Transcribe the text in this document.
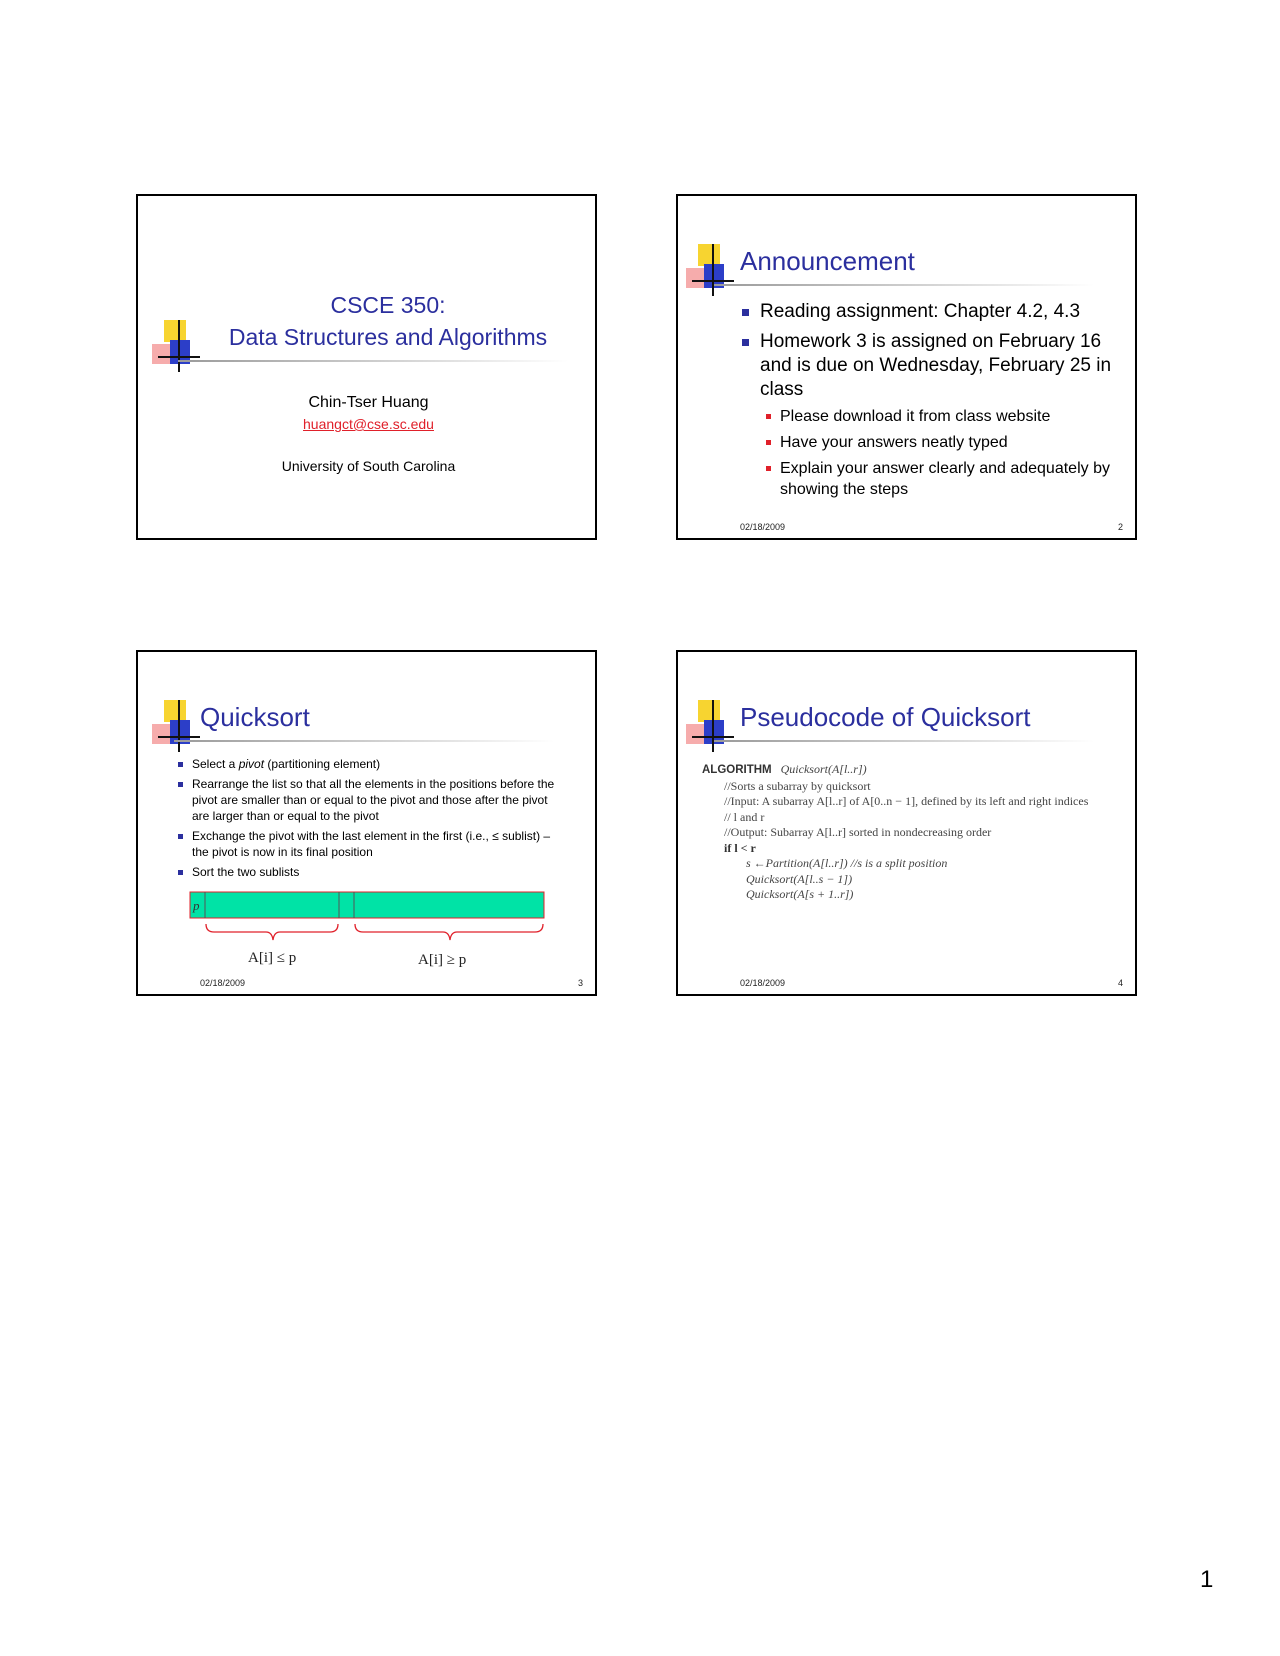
CSCE 350:
Data Structures and Algorithms
Chin-Tser Huang
huangct@cse.sc.edu
University of South Carolina
Announcement
Reading assignment: Chapter 4.2, 4.3
Homework 3 is assigned on February 16 and is due on Wednesday, February 25 in class
Please download it from class website
Have your answers neatly typed
Explain your answer clearly and adequately by showing the steps
02/18/2009	2
Quicksort
Select a pivot (partitioning element)
Rearrange the list so that all the elements in the positions before the pivot are smaller than or equal to the pivot and those after the pivot are larger than or equal to the pivot
Exchange the pivot with the last element in the first (i.e., ≤ sublist) – the pivot is now in its final position
Sort the two sublists
p
A[i] ≤ p	A[i] ≥ p
02/18/2009	3
Pseudocode of Quicksort
ALGORITHM Quicksort(A[l..r])
//Sorts a subarray by quicksort
//Input: A subarray A[l..r] of A[0..n − 1], defined by its left and right indices
// l and r
//Output: Subarray A[l..r] sorted in nondecreasing order
if l < r
s ←Partition(A[l..r]) //s is a split position
Quicksort(A[l..s − 1])
Quicksort(A[s + 1..r])
02/18/2009	4
1
